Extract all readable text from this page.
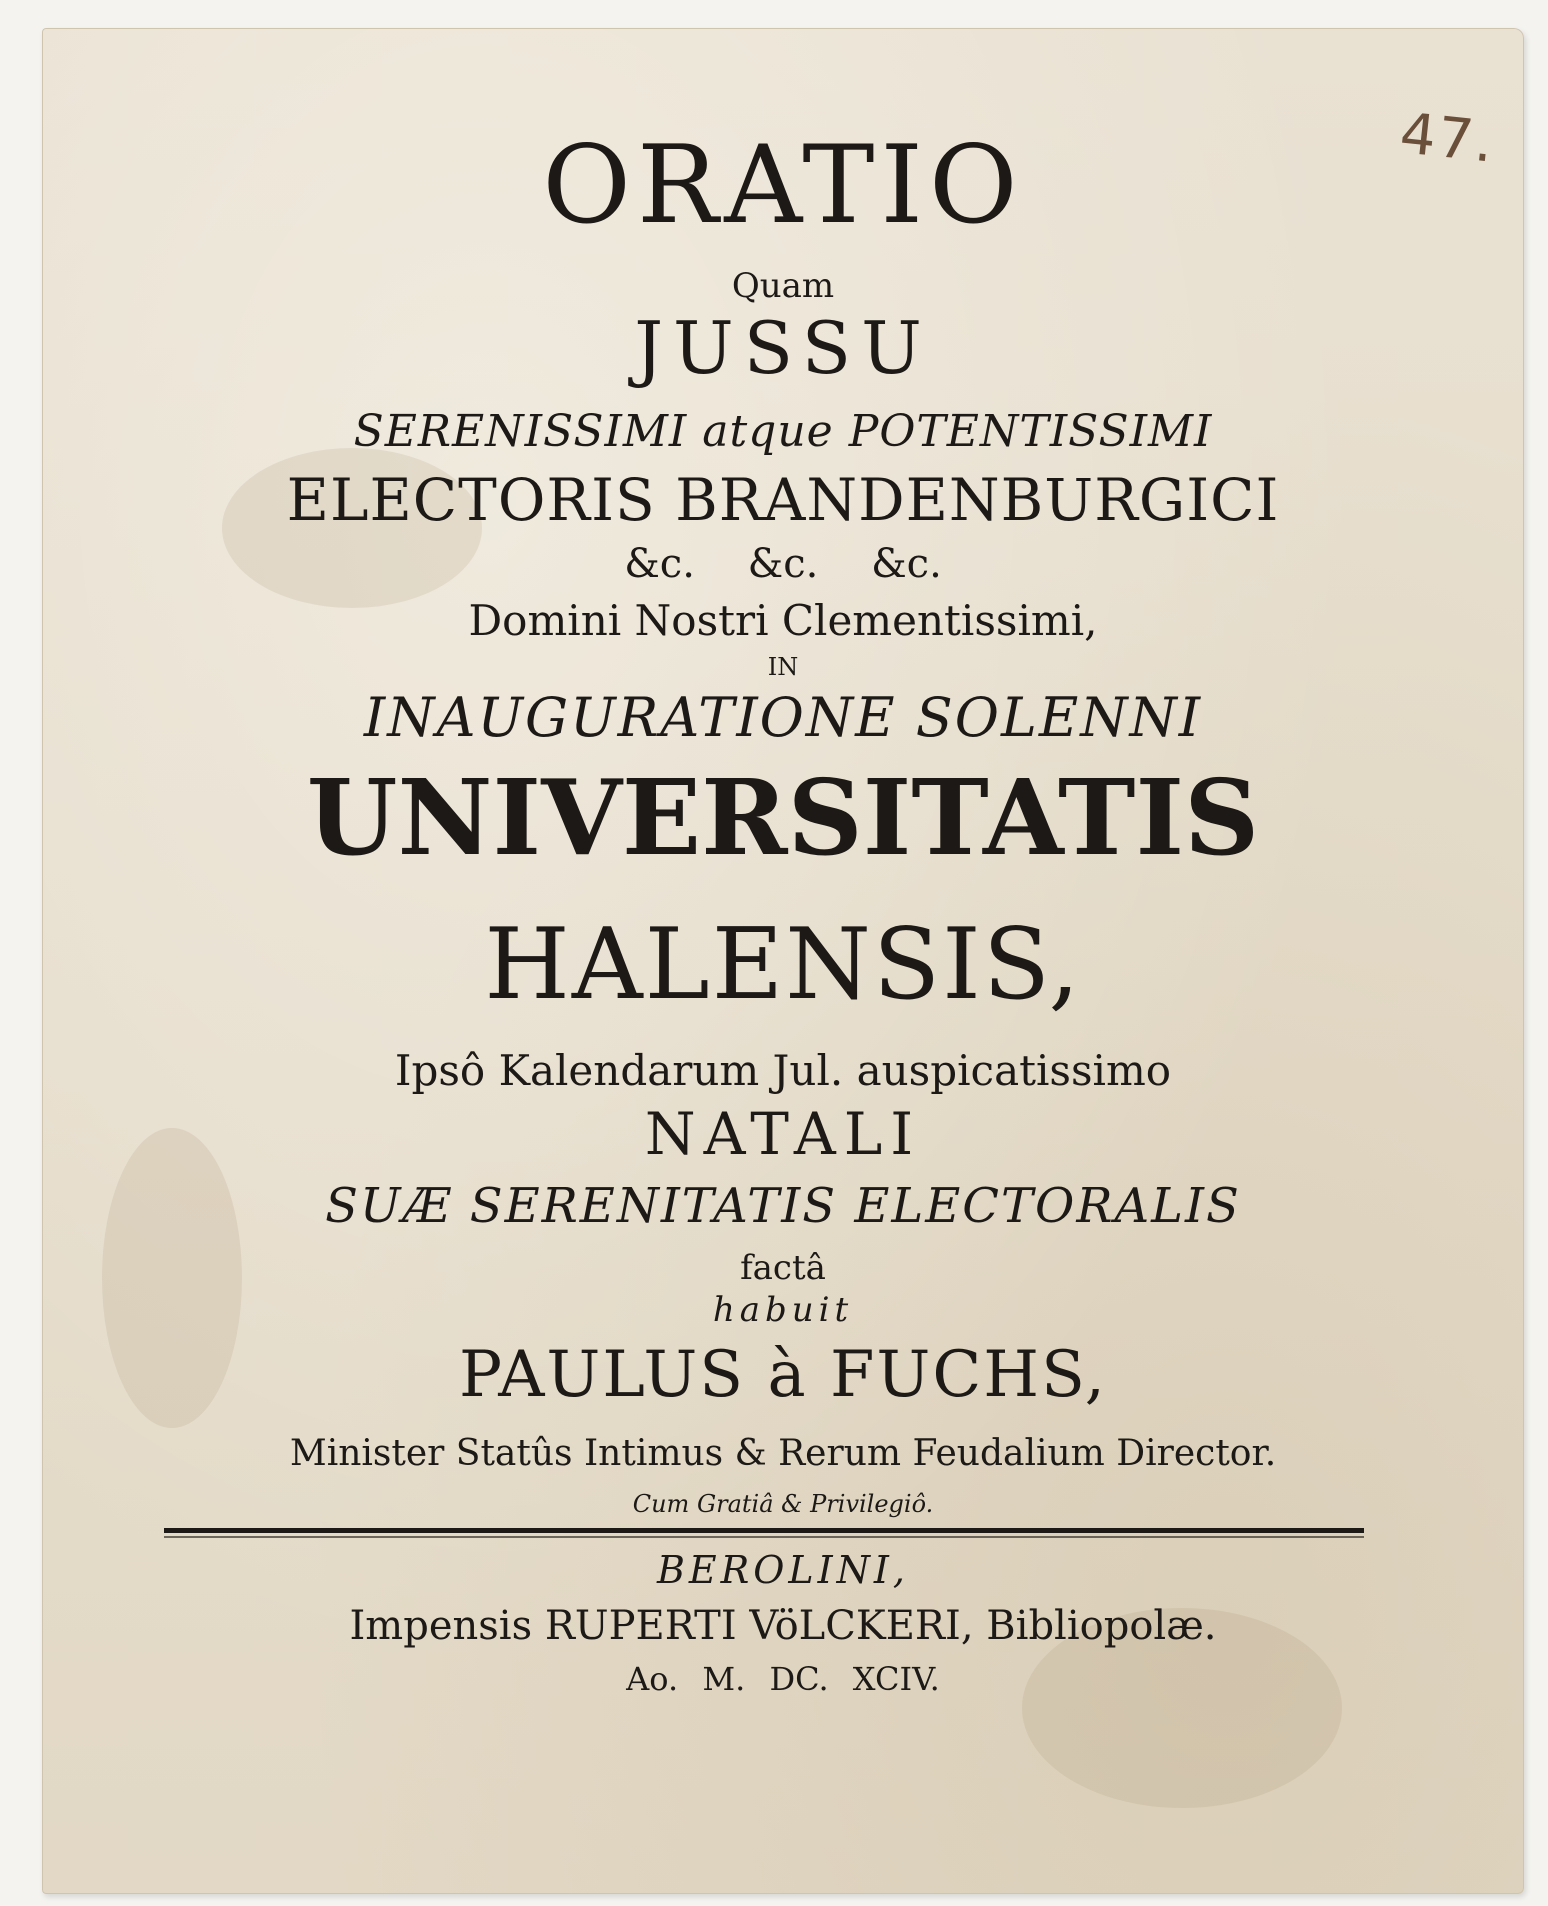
47.
ORATIO
Quam
JUSSU
SERENISSIMI atque POTENTISSIMI
ELECTORIS BRANDENBURGICI
&c. &c. &c.
Domini Nostri Clementissimi,
IN
INAUGURATIONE SOLENNI
UNIVERSITATIS
HALENSIS,
Ipsô Kalendarum Jul. auspicatissimo
NATALI
SUÆ SERENITATIS ELECTORALIS
factâ
habuit
PAULUS à FUCHS,
Minister Statûs Intimus & Rerum Feudalium Director.
Cum Gratiâ & Privilegiô.
BEROLINI,
Impensis RUPERTI VöLCKERI, Bibliopolæ.
Ao. M. DC. XCIV.
